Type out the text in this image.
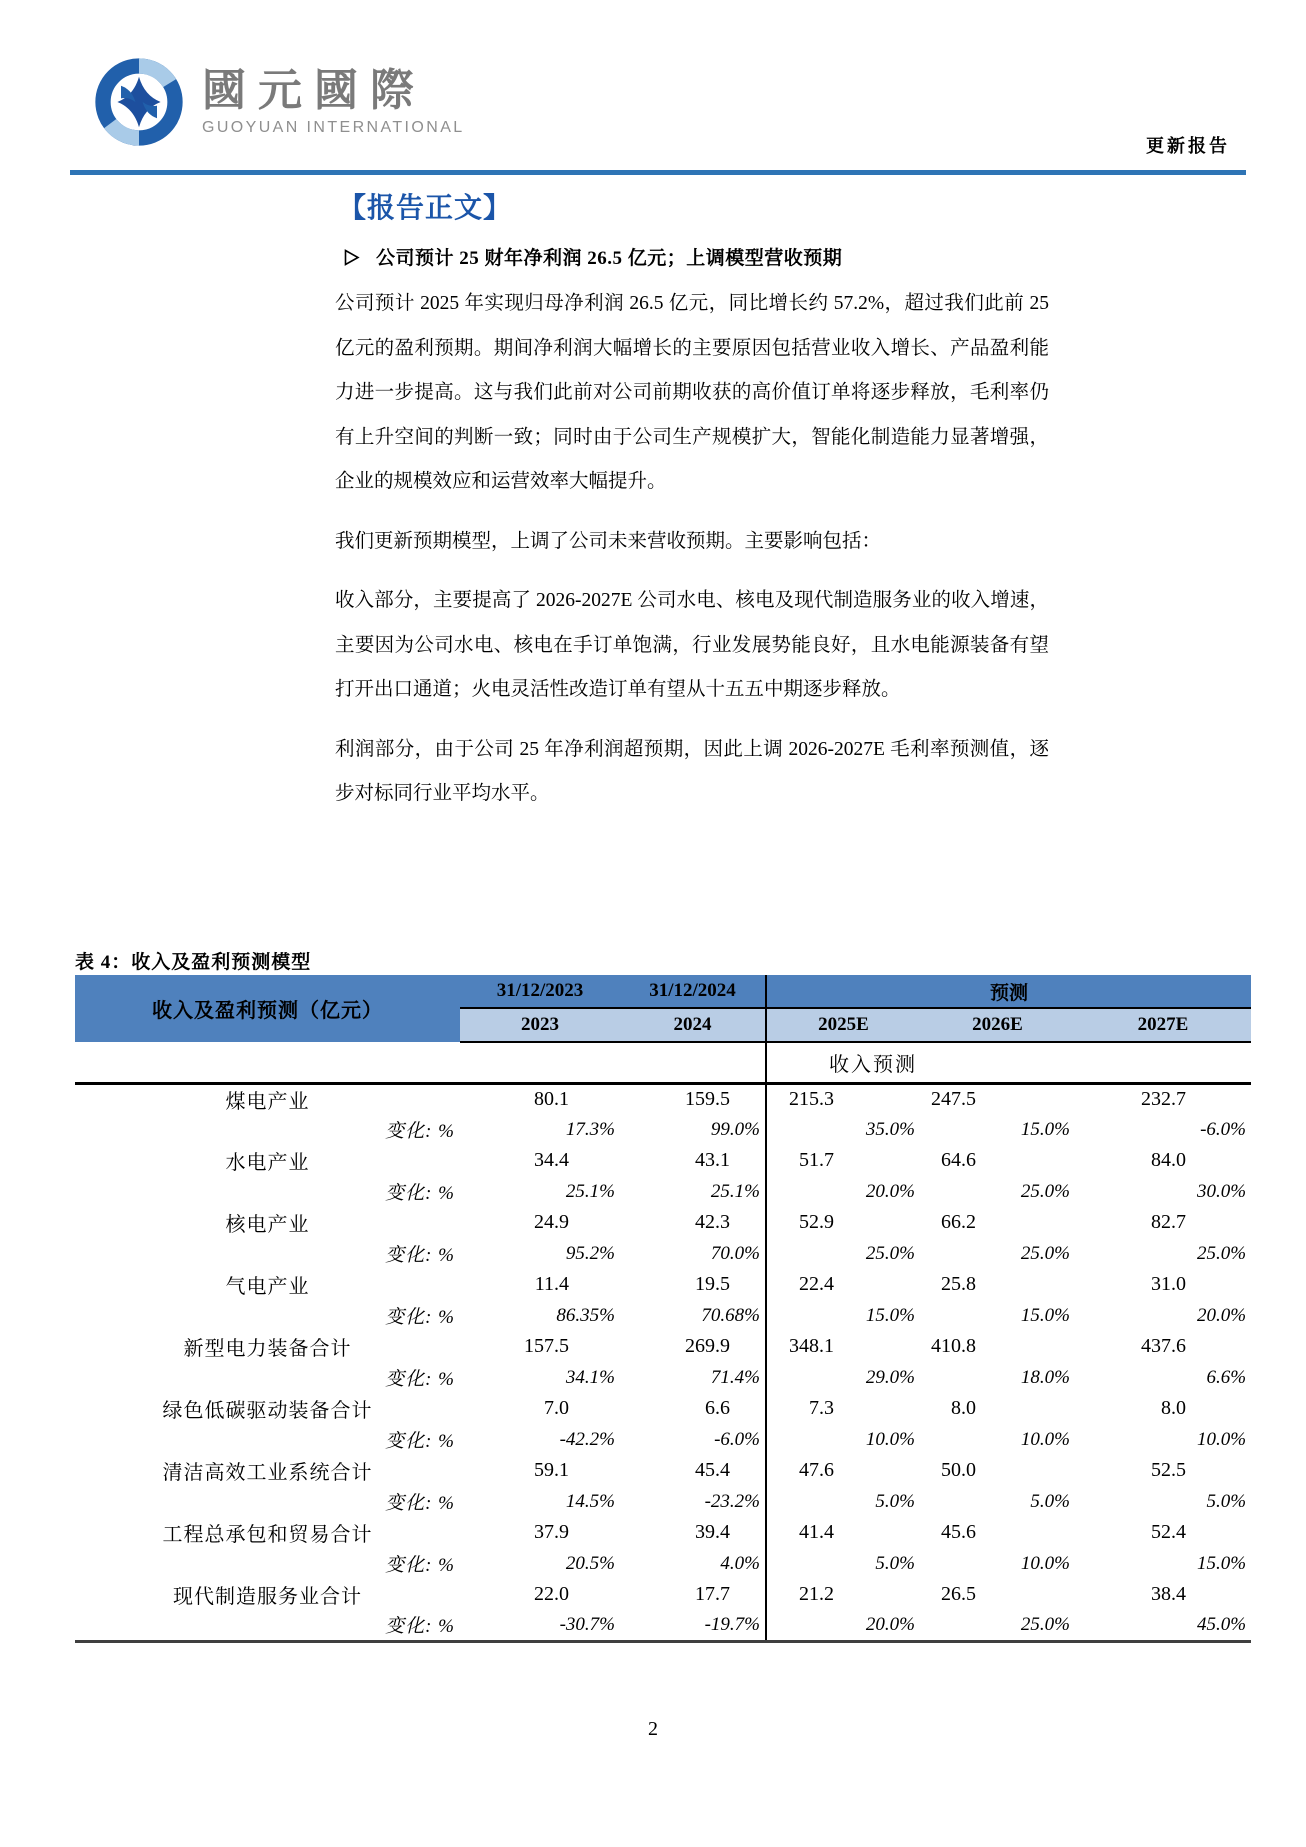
國元國際
GUOYUAN INTERNATIONAL
更新报告
【报告正文】
公司预计 25 财年净利润 26.5 亿元；上调模型营收预期

公司预计 2025 年实现归母净利润 26.5 亿元，同比增长约 57.2%，超过我们此前 25 亿元的盈利预期。期间净利润大幅增长的主要原因包括营业收入增长、产品盈利能力进一步提高。这与我们此前对公司前期收获的高价值订单将逐步释放，毛利率仍有上升空间的判断一致；同时由于公司生产规模扩大，智能化制造能力显著增强，企业的规模效应和运营效率大幅提升。

我们更新预期模型，上调了公司未来营收预期。主要影响包括：

收入部分，主要提高了 2026-2027E 公司水电、核电及现代制造服务业的收入增速，主要因为公司水电、核电在手订单饱满，行业发展势能良好，且水电能源装备有望打开出口通道；火电灵活性改造订单有望从十五五中期逐步释放。

利润部分，由于公司 25 年净利润超预期，因此上调 2026-2027E 毛利率预测值，逐步对标同行业平均水平。

表 4：收入及盈利预测模型
收入及盈利预测（亿元）	31/12/2023	31/12/2024	预测		
	2023	2024	2025E	2026E	2027E
			收入预测		
煤电产业	80.1	159.5	215.3	247.5	232.7
变化: %	17.3%	99.0%	35.0%	15.0%	-6.0%
水电产业	34.4	43.1	51.7	64.6	84.0
变化: %	25.1%	25.1%	20.0%	25.0%	30.0%
核电产业	24.9	42.3	52.9	66.2	82.7
变化: %	95.2%	70.0%	25.0%	25.0%	25.0%
气电产业	11.4	19.5	22.4	25.8	31.0
变化: %	86.35%	70.68%	15.0%	15.0%	20.0%
新型电力装备合计	157.5	269.9	348.1	410.8	437.6
变化: %	34.1%	71.4%	29.0%	18.0%	6.6%
绿色低碳驱动装备合计	7.0	6.6	7.3	8.0	8.0
变化: %	-42.2%	-6.0%	10.0%	10.0%	10.0%
清洁高效工业系统合计	59.1	45.4	47.6	50.0	52.5
变化: %	14.5%	-23.2%	5.0%	5.0%	5.0%
工程总承包和贸易合计	37.9	39.4	41.4	45.6	52.4
变化: %	20.5%	4.0%	5.0%	10.0%	15.0%
现代制造服务业合计	22.0	17.7	21.2	26.5	38.4
变化: %	-30.7%	-19.7%	20.0%	25.0%	45.0%
2
